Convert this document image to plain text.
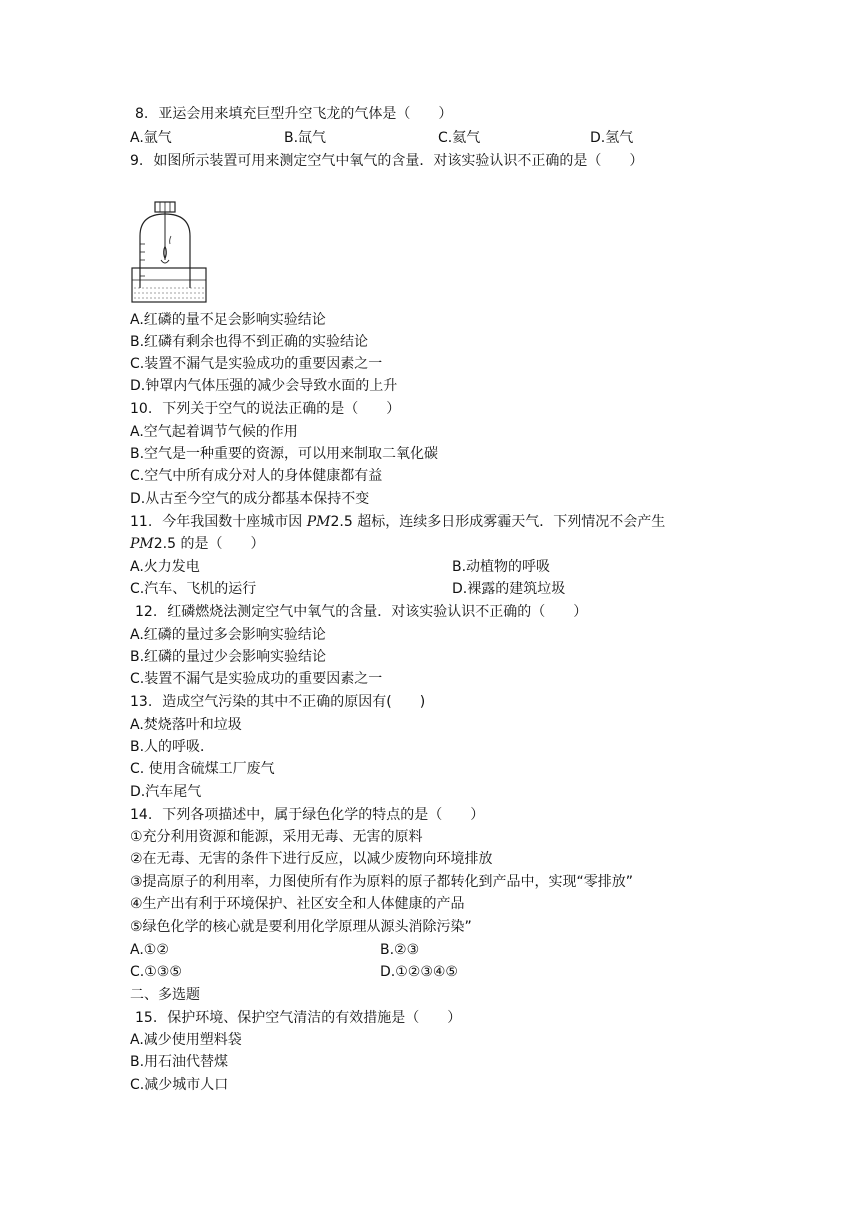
8. 亚运会用来填充巨型升空飞龙的气体是（　　）
A.氩气	B.氙气	C.氦气	D.氢气
9. 如图所示装置可用来测定空气中氧气的含量．对该实验认识不正确的是（　　）
A.红磷的量不足会影响实验结论
B.红磷有剩余也得不到正确的实验结论
C.装置不漏气是实验成功的重要因素之一
D.钟罩内气体压强的减少会导致水面的上升
10. 下列关于空气的说法正确的是（　　）
A.空气起着调节气候的作用
B.空气是一种重要的资源，可以用来制取二氧化碳
C.空气中所有成分对人的身体健康都有益
D.从古至今空气的成分都基本保持不变
11. 今年我国数十座城市因 PM2.5 超标，连续多日形成雾霾天气．下列情况不会产生
PM2.5 的是（　　）
A.火力发电	B.动植物的呼吸
C.汽车、飞机的运行	D.裸露的建筑垃圾
12. 红磷燃烧法测定空气中氧气的含量．对该实验认识不正确的（　　）
A.红磷的量过多会影响实验结论
B.红磷的量过少会影响实验结论
C.装置不漏气是实验成功的重要因素之一
13. 造成空气污染的其中不正确的原因有(　　)
A.焚烧落叶和垃圾
B.人的呼吸．
C. 使用含硫煤工厂废气
D.汽车尾气
14. 下列各项描述中，属于绿色化学的特点的是（　　）
①充分利用资源和能源，采用无毒、无害的原料
②在无毒、无害的条件下进行反应，以减少废物向环境排放
③提高原子的利用率，力图使所有作为原料的原子都转化到产品中，实现“零排放”
④生产出有利于环境保护、社区安全和人体健康的产品
⑤绿色化学的核心就是要利用化学原理从源头消除污染”
A.①②	B.②③
C.①③⑤	D.①②③④⑤
二、多选题
15. 保护环境、保护空气清洁的有效措施是（　　）
A.减少使用塑料袋
B.用石油代替煤
C.减少城市人口
